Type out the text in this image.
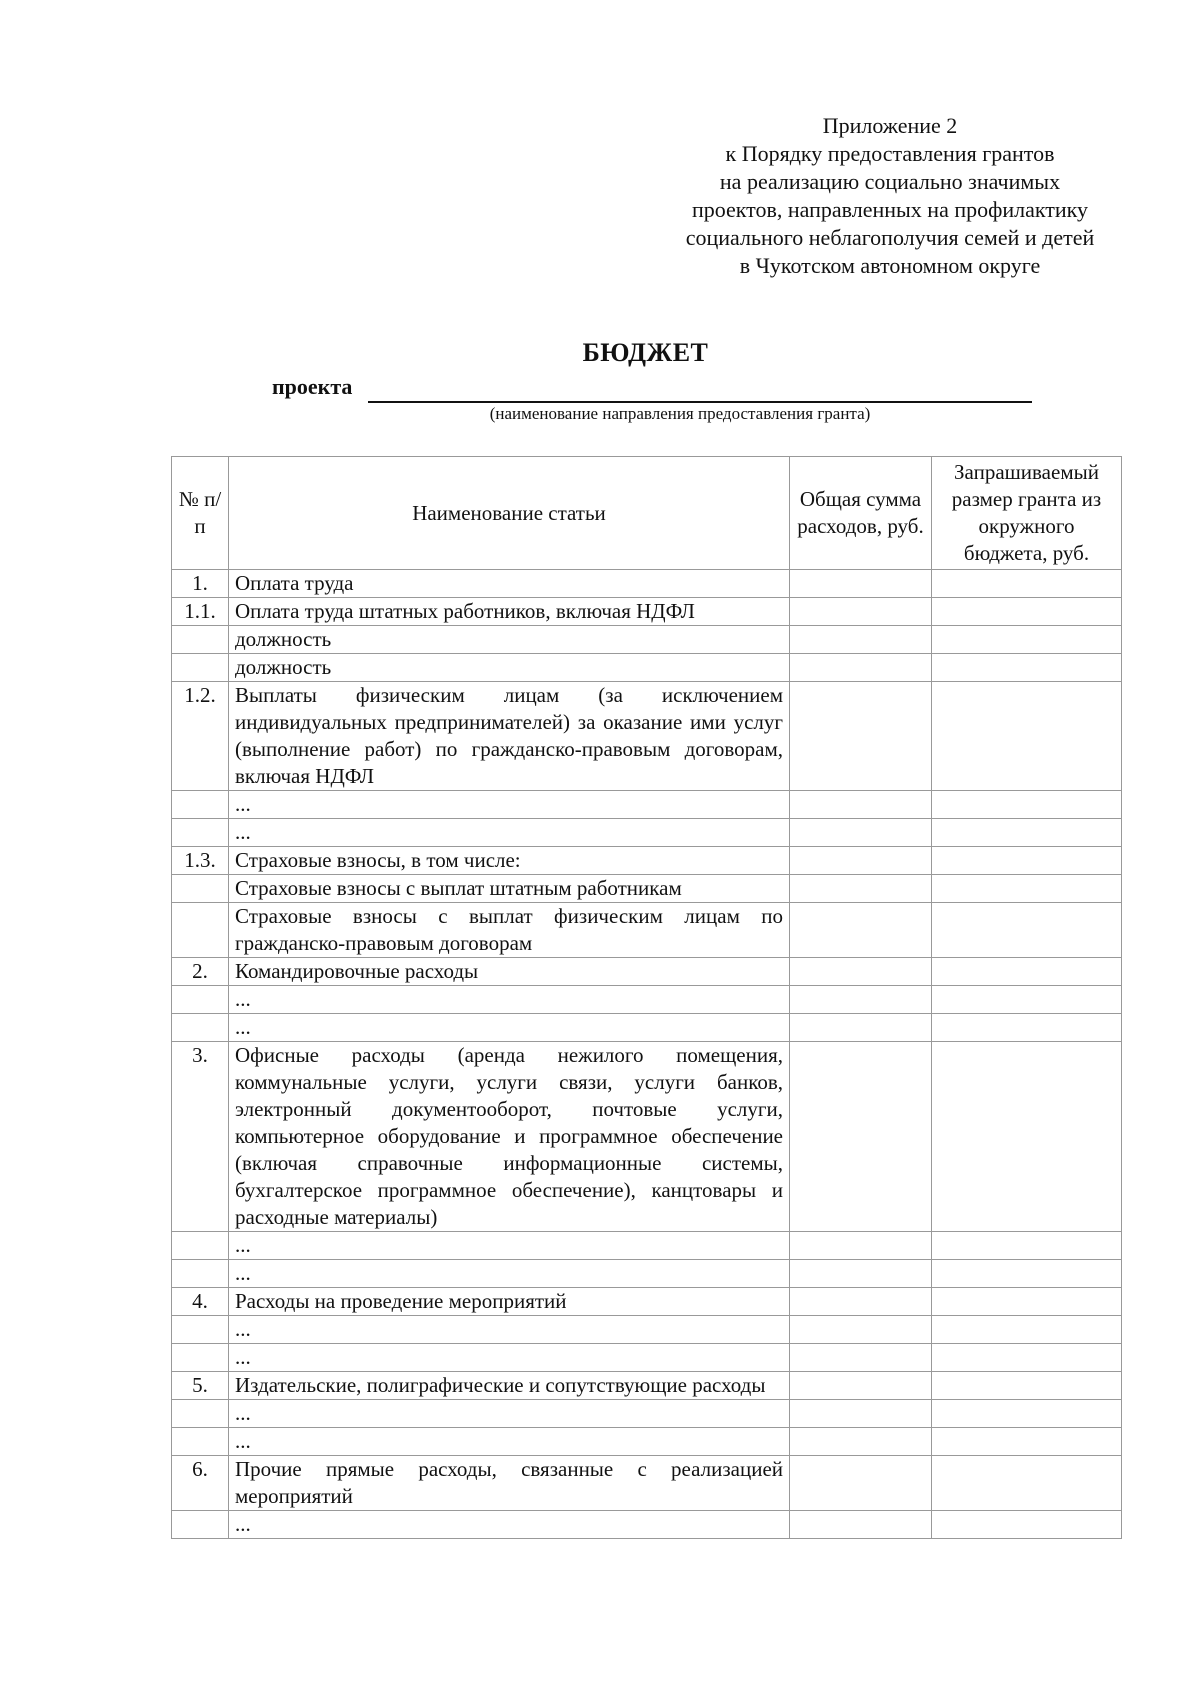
Приложение 2
к Порядку предоставления грантов
на реализацию социально значимых
проектов, направленных на профилактику
социального неблагополучия семей и детей
в Чукотском автономном округе
БЮДЖЕТ
проекта
(наименование направления предоставления гранта)
№ п/п	Наименование статьи	Общая сумма расходов, руб.	Запрашиваемый размер гранта из окружного бюджета, руб.
1.	Оплата труда		
1.1.	Оплата труда штатных работников, включая НДФЛ		
	должность		
	должность		
1.2.	Выплаты физическим лицам (за исключением индивидуальных предпринимателей) за оказание ими услуг (выполнение работ) по гражданско-правовым договорам, включая НДФЛ		
	...		
	...		
1.3.	Страховые взносы, в том числе:		
	Страховые взносы с выплат штатным работникам		
	Страховые взносы с выплат физическим лицам по гражданско-правовым договорам		
2.	Командировочные расходы		
	...		
	...		
3.	Офисные расходы (аренда нежилого помещения, коммунальные услуги, услуги связи, услуги банков, электронный документооборот, почтовые услуги, компьютерное оборудование и программное обеспечение (включая справочные информационные системы, бухгалтерское программное обеспечение), канцтовары и расходные материалы)		
	...		
	...		
4.	Расходы на проведение мероприятий		
	...		
	...		
5.	Издательские, полиграфические и сопутствующие расходы		
	...		
	...		
6.	Прочие прямые расходы, связанные с реализацией мероприятий		
	...		
